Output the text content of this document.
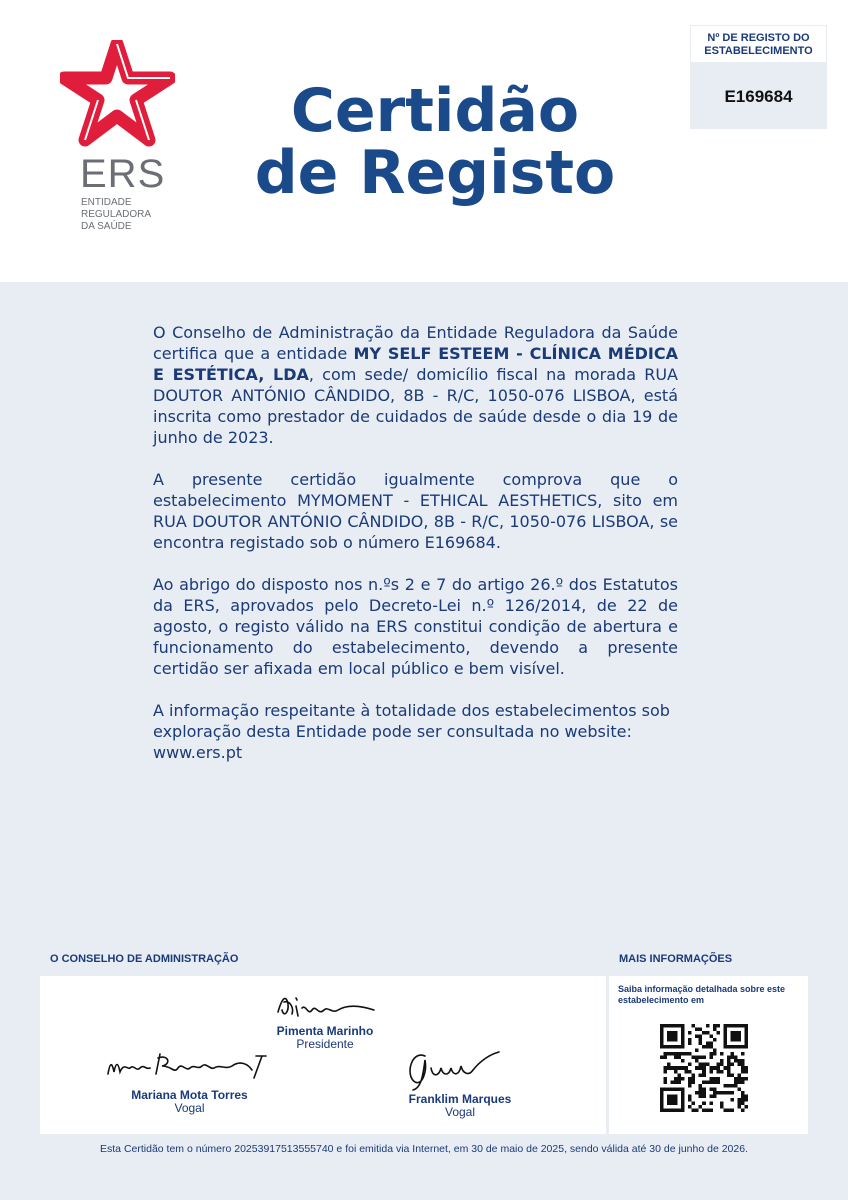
ERS
ENTIDADE
REGULADORA
DA SAÚDE
Certidão
de Registo
Nº DE REGISTO DO
ESTABELECIMENTO
E169684

O Conselho de Administração da Entidade Reguladora da Saúde certifica que a entidade MY SELF ESTEEM - CLÍNICA MÉDICA E ESTÉTICA, LDA, com sede/ domicílio fiscal na morada RUA DOUTOR ANTÓNIO CÂNDIDO, 8B - R/C, 1050-076 LISBOA, está inscrita como prestador de cuidados de saúde desde o dia 19 de junho de 2023.

A presente certidão igualmente comprova que o estabelecimento MYMOMENT - ETHICAL AESTHETICS, sito em RUA DOUTOR ANTÓNIO CÂNDIDO, 8B - R/C, 1050-076 LISBOA, se encontra registado sob o número E169684.

Ao abrigo do disposto nos n.ºs 2 e 7 do artigo 26.º dos Estatutos da ERS, aprovados pelo Decreto-Lei n.º 126/2014, de 22 de agosto, o registo válido na ERS constitui condição de abertura e funcionamento do estabelecimento, devendo a presente certidão ser afixada em local público e bem visível.

A informação respeitante à totalidade dos estabelecimentos sob exploração desta Entidade pode ser consultada no website: www.ers.pt

O CONSELHO DE ADMINISTRAÇÃO	MAIS INFORMAÇÕES
Pimenta Marinho
Presidente
Mariana Mota Torres
Vogal
Franklim Marques
Vogal
Saiba informação detalhada sobre este estabelecimento em
Esta Certidão tem o número 20253917513555740 e foi emitida via Internet, em 30 de maio de 2025, sendo válida até 30 de junho de 2026.
